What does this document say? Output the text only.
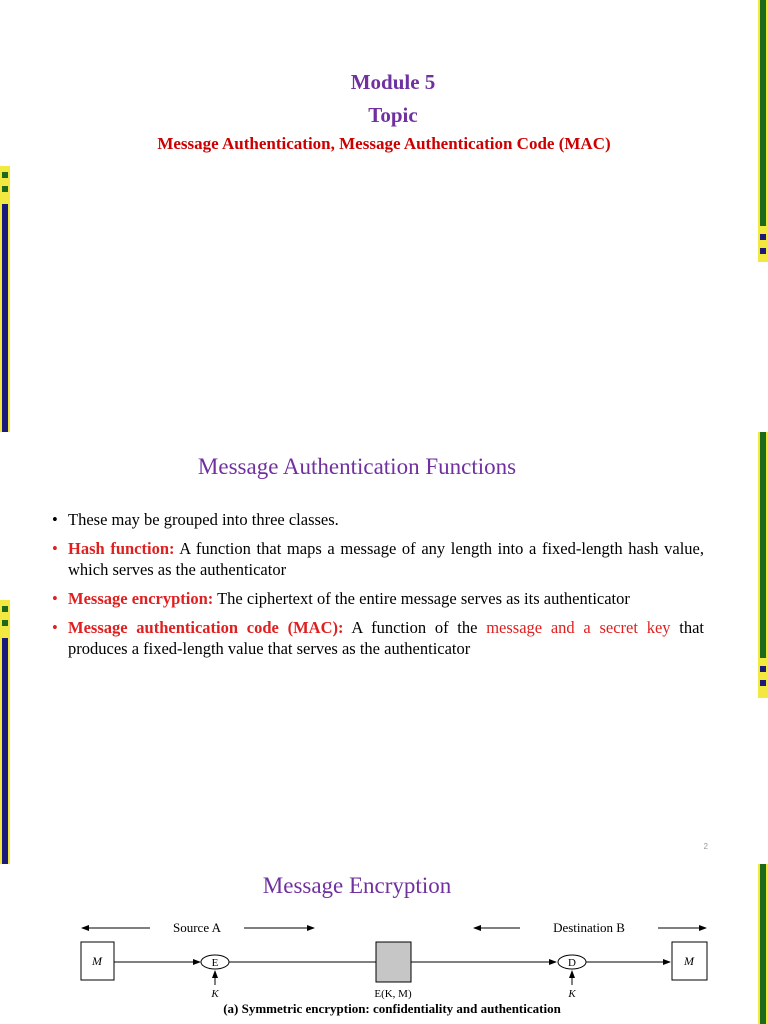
Module 5
Topic
Message Authentication, Message Authentication Code (MAC)
Message Authentication Functions
• These may be grouped into three classes.
• Hash function: A function that maps a message of any length into a fixed-length hash value, which serves as the authenticator
• Message encryption: The ciphertext of the entire message serves as its authenticator
• Message authentication code (MAC): A function of the message and a secret key that produces a fixed-length value that serves as the authenticator
2
Message Encryption
Source A	Destination B
M	E
K	E(K, M)
D
K
M
(a) Symmetric encryption: confidentiality and authentication
